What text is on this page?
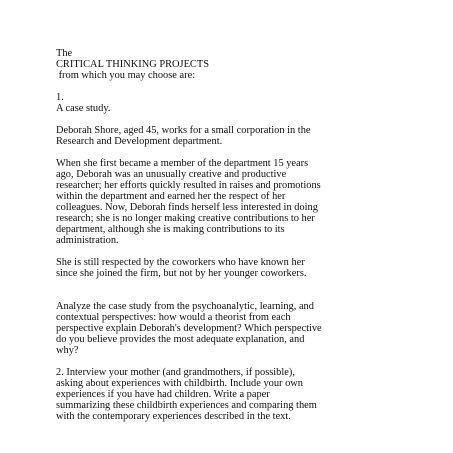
The
CRITICAL THINKING PROJECTS
from which you may choose are:
1.
A case study.
Deborah Shore, aged 45, works for a small corporation in the
Research and Development department.
When she first became a member of the department 15 years
ago, Deborah was an unusually creative and productive
researcher; her efforts quickly resulted in raises and promotions
within the department and earned her the respect of her
colleagues. Now, Deborah finds herself less interested in doing
research; she is no longer making creative contributions to her
department, although she is making contributions to its
administration.
She is still respected by the coworkers who have known her
since she joined the firm, but not by her younger coworkers.
Analyze the case study from the psychoanalytic, learning, and
contextual perspectives: how would a theorist from each
perspective explain Deborah's development? Which perspective
do you believe provides the most adequate explanation, and
why?
2. Interview your mother (and grandmothers, if possible),
asking about experiences with childbirth. Include your own
experiences if you have had children. Write a paper
summarizing these childbirth experiences and comparing them
with the contemporary experiences described in the text.
